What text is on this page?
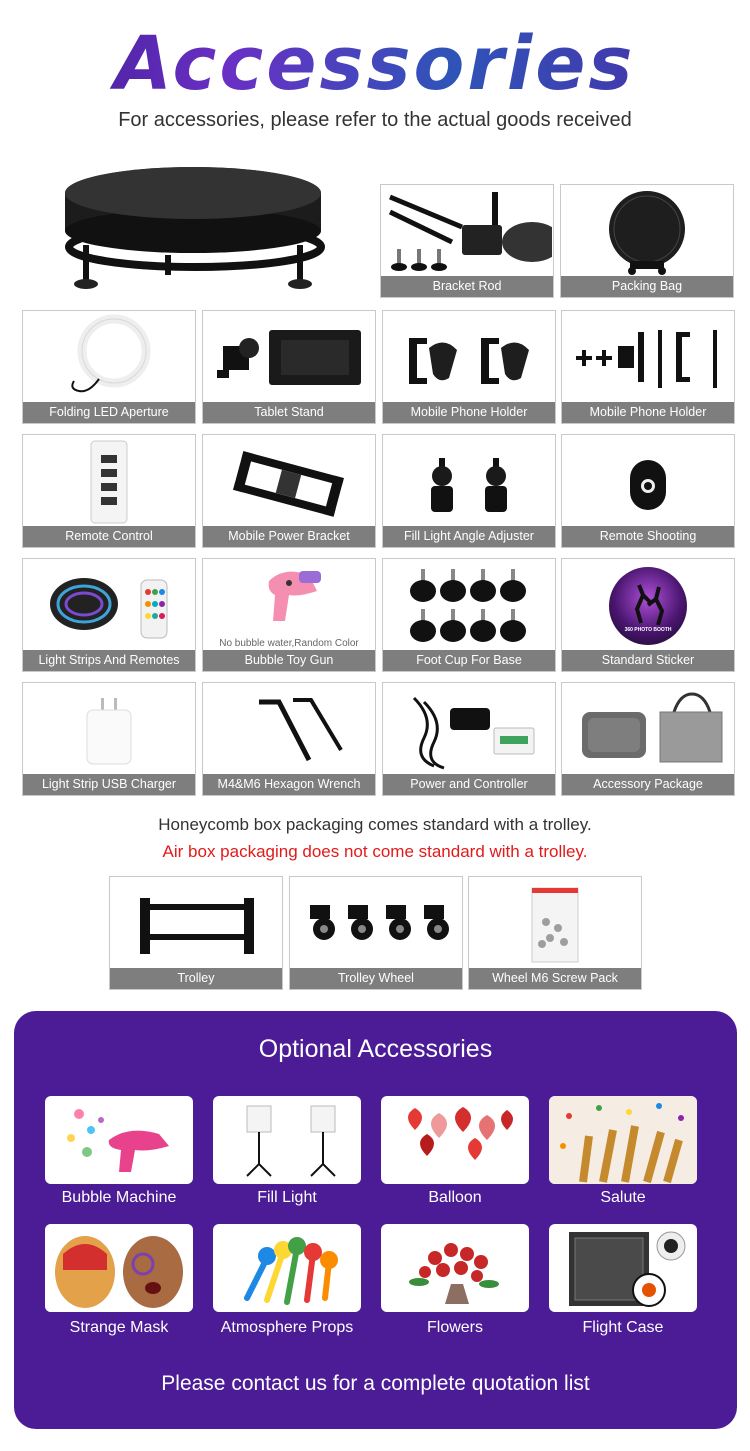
Accessories
For accessories, please refer to the actual goods received
Bracket Rod	Packing Bag
Folding LED Aperture	Tablet Stand	Mobile Phone Holder	Mobile Phone Holder
Remote Control	Mobile Power Bracket	Fill Light Angle Adjuster	Remote Shooting
Light Strips And Remotes
No bubble water,Random Color
Bubble Toy Gun	Foot Cup For Base
360 PHOTO BOOTH
Standard Sticker
Light Strip USB Charger	M4&M6 Hexagon Wrench	Power and Controller	Accessory Package
Honeycomb box packaging comes standard with a trolley.
Air box packaging does not come standard with a trolley.
Trolley	Trolley Wheel	Wheel M6 Screw Pack
Optional Accessories
Bubble Machine	Fill Light	Balloon	Salute
Strange Mask	Atmosphere Props	Flowers	Flight Case
Please contact us for a complete quotation list
